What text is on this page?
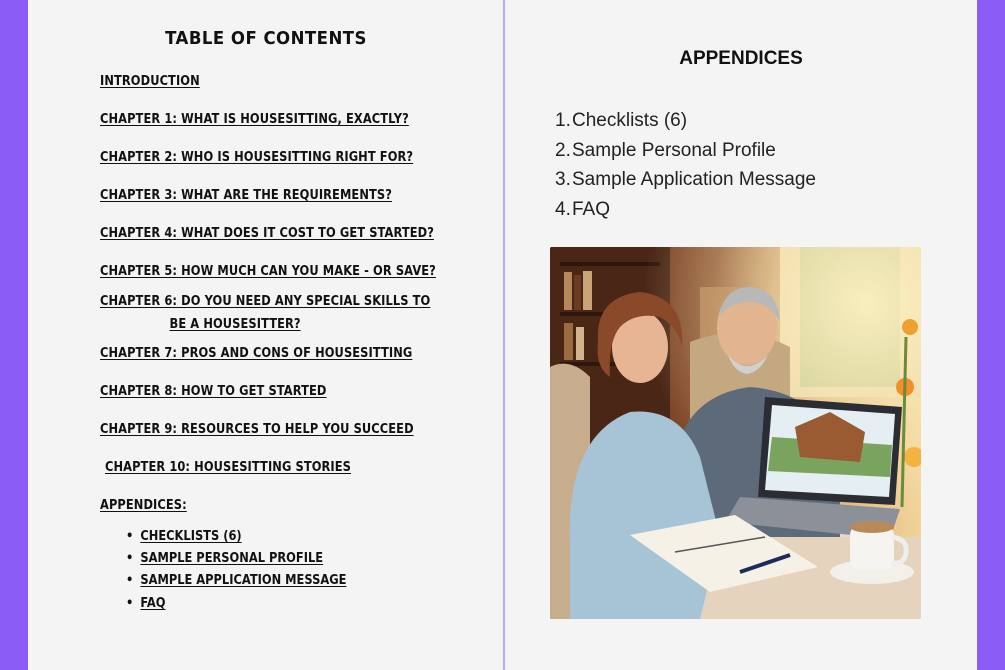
TABLE OF CONTENTS
INTRODUCTION
CHAPTER 1: WHAT IS HOUSESITTING, EXACTLY?
CHAPTER 2: WHO IS HOUSESITTING RIGHT FOR?
CHAPTER 3: WHAT ARE THE REQUIREMENTS?
CHAPTER 4: WHAT DOES IT COST TO GET STARTED?
CHAPTER 5: HOW MUCH CAN YOU MAKE - OR SAVE?
CHAPTER 6: DO YOU NEED ANY SPECIAL SKILLS TO
BE A HOUSESITTER?
CHAPTER 7: PROS AND CONS OF HOUSESITTING
CHAPTER 8: HOW TO GET STARTED
CHAPTER 9: RESOURCES TO HELP YOU SUCCEED
CHAPTER 10: HOUSESITTING STORIES
APPENDICES:
• CHECKLISTS (6)
• SAMPLE PERSONAL PROFILE
• SAMPLE APPLICATION MESSAGE
• FAQ
APPENDICES
1.Checklists (6)
2.Sample Personal Profile
3.Sample Application Message
4.FAQ
